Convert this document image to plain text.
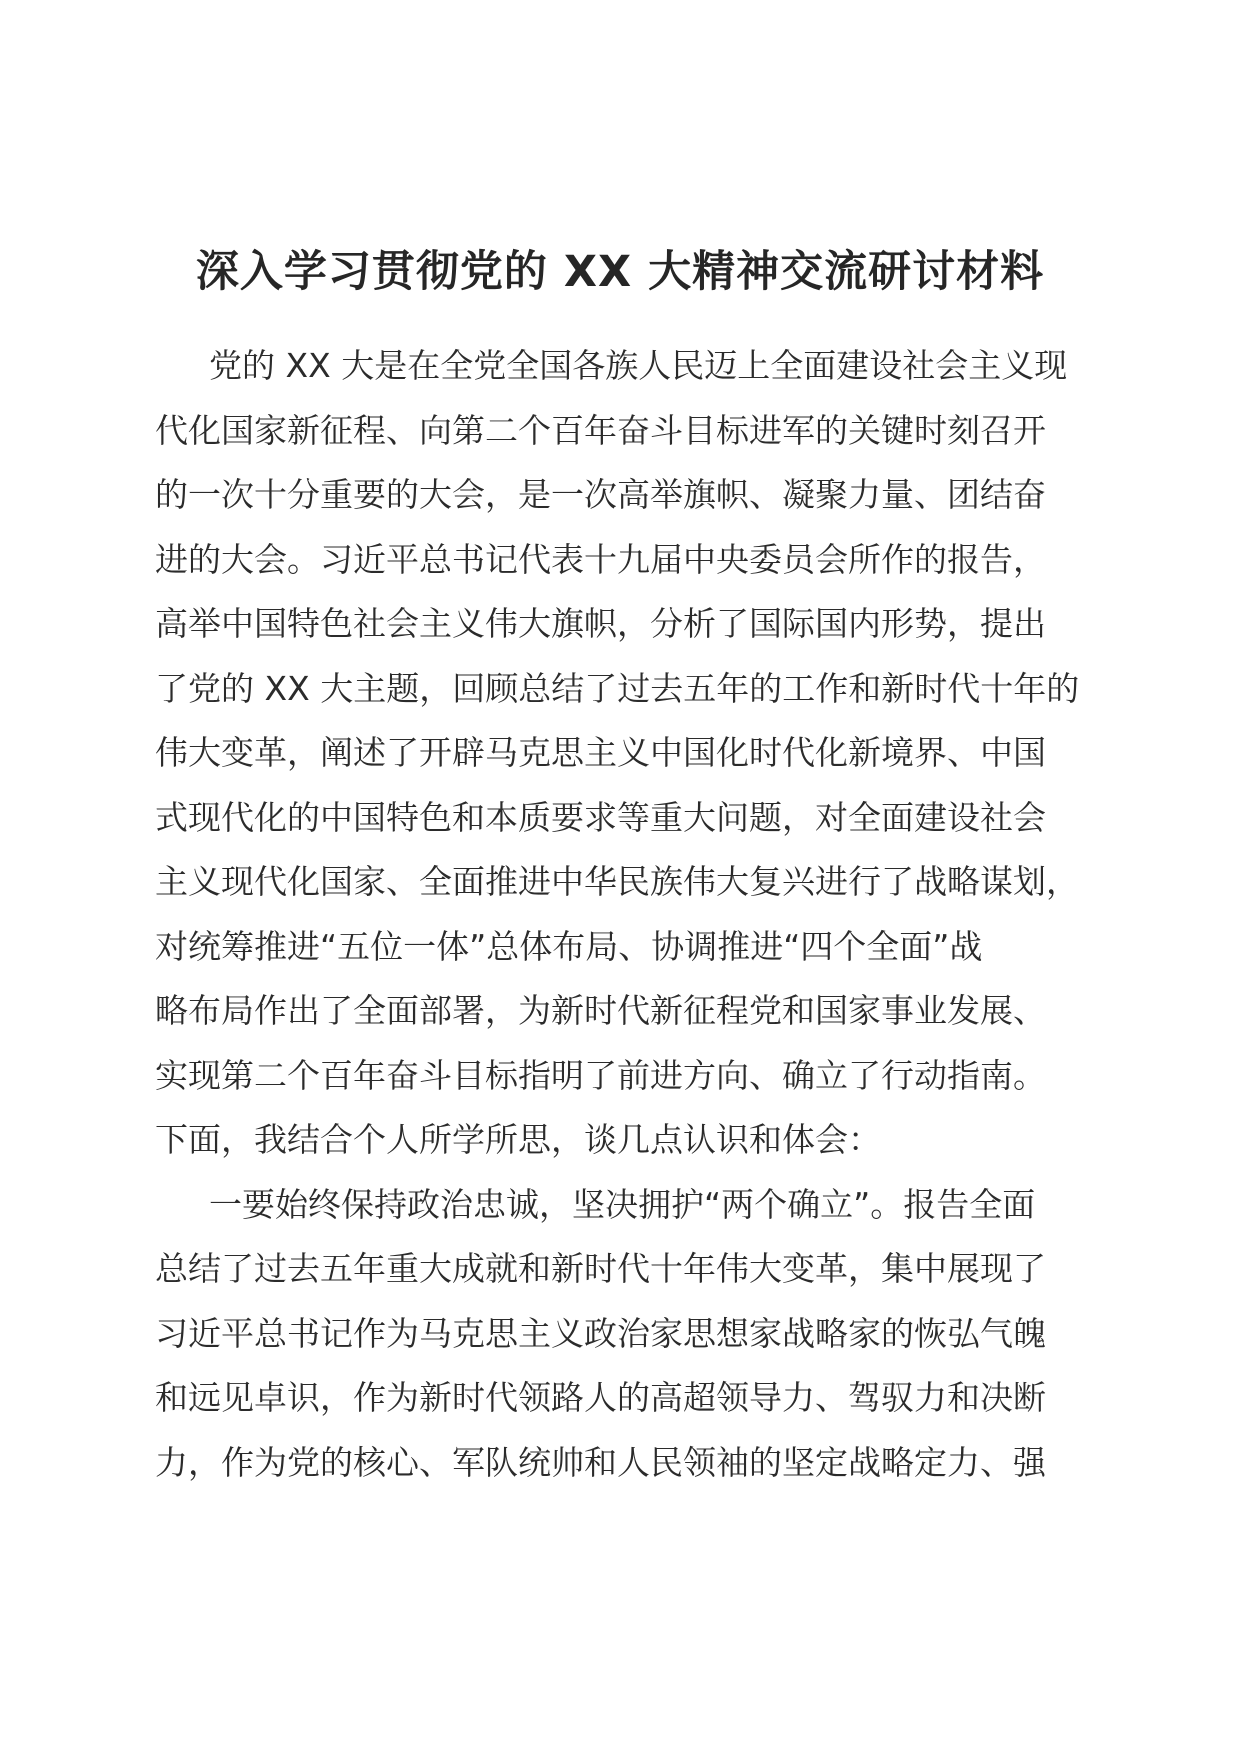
深入学习贯彻党的 XX 大精神交流研讨材料
党的 XX 大是在全党全国各族人民迈上全面建设社会主义现
代化国家新征程、向第二个百年奋斗目标进军的关键时刻召开
的一次十分重要的大会，是一次高举旗帜、凝聚力量、团结奋
进的大会。习近平总书记代表十九届中央委员会所作的报告，
高举中国特色社会主义伟大旗帜，分析了国际国内形势，提出
了党的 XX 大主题，回顾总结了过去五年的工作和新时代十年的
伟大变革，阐述了开辟马克思主义中国化时代化新境界、中国
式现代化的中国特色和本质要求等重大问题，对全面建设社会
主义现代化国家、全面推进中华民族伟大复兴进行了战略谋划，
对统筹推进“五位一体”总体布局、协调推进“四个全面”战
略布局作出了全面部署，为新时代新征程党和国家事业发展、
实现第二个百年奋斗目标指明了前进方向、确立了行动指南。
下面，我结合个人所学所思，谈几点认识和体会：
一要始终保持政治忠诚，坚决拥护“两个确立”。报告全面
总结了过去五年重大成就和新时代十年伟大变革，集中展现了
习近平总书记作为马克思主义政治家思想家战略家的恢弘气魄
和远见卓识，作为新时代领路人的高超领导力、驾驭力和决断
力，作为党的核心、军队统帅和人民领袖的坚定战略定力、强
